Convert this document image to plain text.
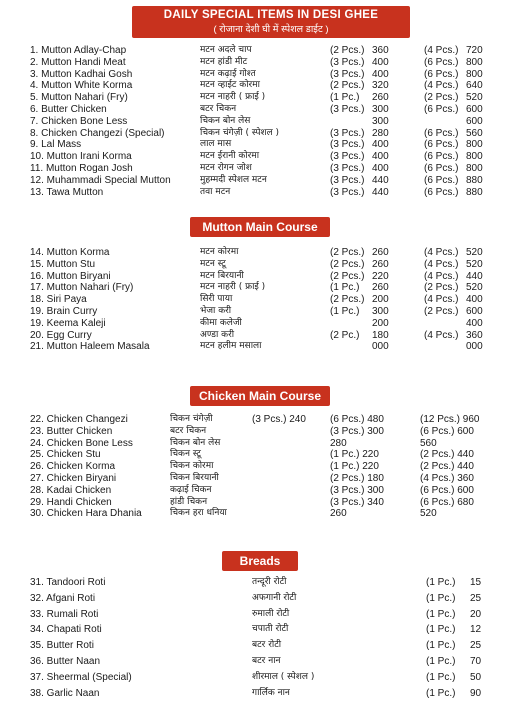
DAILY SPECIAL ITEMS IN DESI GHEE
( रोजाना देशी घी में स्पेशल डाईट )
1. Mutton Adlay-Chap	मटन अदले चाप	(2 Pcs.) 360	(4 Pcs.) 720
2. Mutton Handi Meat	मटन हांडी मीट	(3 Pcs.) 400	(6 Pcs.) 800
3. Mutton Kadhai Gosh	मटन कढ़ाई गोश्त	(3 Pcs.) 400	(6 Pcs.) 800
4. Mutton White Korma	मटन व्हाईट कोरमा	(2 Pcs.) 320	(4 Pcs.) 640
5. Mutton Nahari (Fry)	मटन नाहरी ( फ्राई )	(1 Pc.) 260	(2 Pcs.) 520
6. Butter Chicken	बटर चिकन	(3 Pcs.) 300	(6 Pcs.) 600
7. Chicken Bone Less	चिकन बोन लेस	300	600
8. Chicken Changezi (Special)	चिकन चंगेज़ी ( स्पेशल )	(3 Pcs.) 280	(6 Pcs.) 560
9. Lal Mass	लाल मास	(3 Pcs.) 400	(6 Pcs.) 800
10. Mutton Irani Korma	मटन ईरानी कोरमा	(3 Pcs.) 400	(6 Pcs.) 800
11. Mutton Rogan Josh	मटन रोगन जोश	(3 Pcs.) 400	(6 Pcs.) 800
12. Muhammadi Special Mutton	मुहम्मदी स्पेशल मटन	(3 Pcs.) 440	(6 Pcs.) 880
13. Tawa Mutton	तवा मटन	(3 Pcs.) 440	(6 Pcs.) 880
Mutton Main Course
14. Mutton Korma	मटन कोरमा	(2 Pcs.) 260	(4 Pcs.) 520
15. Mutton Stu	मटन स्टू	(2 Pcs.) 260	(4 Pcs.) 520
16. Mutton Biryani	मटन बिरयानी	(2 Pcs.) 220	(4 Pcs.) 440
17. Mutton Nahari (Fry)	मटन नाहरी ( फ्राई )	(1 Pc.) 260	(2 Pcs.) 520
18. Siri Paya	सिरी पाया	(2 Pcs.) 200	(4 Pcs.) 400
19. Brain Curry	भेजा करी	(1 Pc.) 300	(2 Pcs.) 600
19. Keema Kaleji	कीमा कलेजी	200	400
20. Egg Curry	अण्डा करी	(2 Pc.) 180	(4 Pcs.) 360
21. Mutton Haleem Masala	मटन हलीम मसाला	000	000
Chicken Main Course
22. Chicken Changezi	चिकन चंगेज़ी	(3 Pcs.) 240 (6 Pcs.) 480	(12 Pcs.) 960
23. Butter Chicken	बटर चिकन	(3 Pcs.) 300	(6 Pcs.) 600
24. Chicken Bone Less	चिकन बोन लेस	280	560
25. Chicken Stu	चिकन स्टू	(1 Pc.) 220	(2 Pcs.) 440
26. Chicken Korma	चिकन कोरमा	(1 Pc.) 220	(2 Pcs.) 440
27. Chicken Biryani	चिकन बिरयानी	(2 Pcs.) 180	(4 Pcs.) 360
28. Kadai Chicken	कढ़ाई चिकन	(3 Pcs.) 300	(6 Pcs.) 600
29. Handi Chicken	हांडी चिकन	(3 Pcs.) 340	(6 Pcs.) 680
30. Chicken Hara Dhania	चिकन हरा धनिया	260	520
Breads
31. Tandoori Roti	तन्दूरी रोटी	(1 Pc.) 15
32. Afgani Roti	अफगानी रोटी	(1 Pc.) 25
33. Rumali Roti	रुमाली रोटी	(1 Pc.) 20
34. Chapati Roti	चपाती रोटी	(1 Pc.) 12
35. Butter Roti	बटर रोटी	(1 Pc.) 25
36. Butter Naan	बटर नान	(1 Pc.) 70
37. Sheermal (Special)	शीरमाल ( स्पेशल )	(1 Pc.) 50
38. Garlic Naan	गार्लिक नान	(1 Pc.) 90
